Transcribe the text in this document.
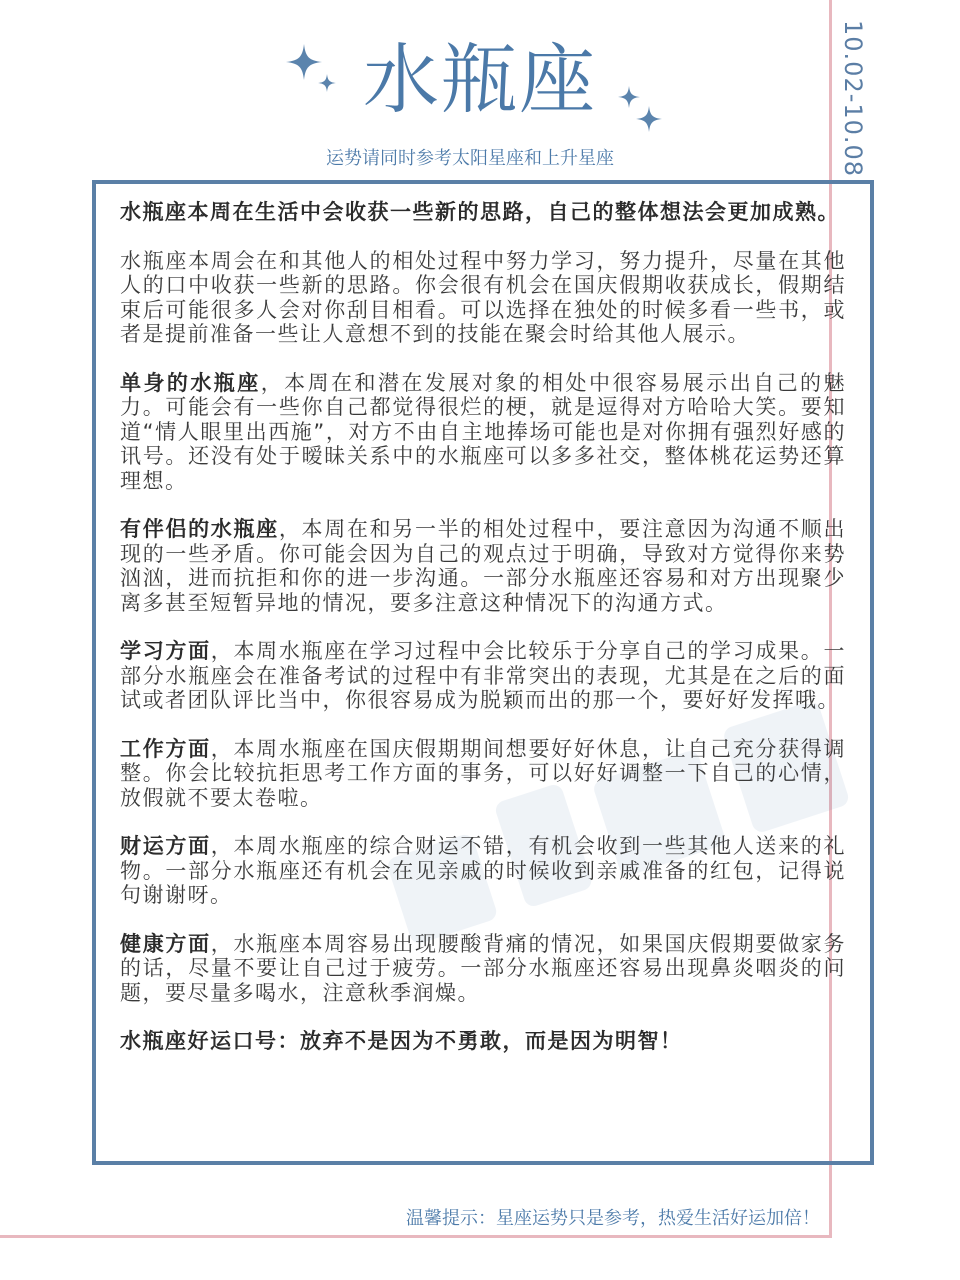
10.02-10.08
水瓶座
运势请同时参考太阳星座和上升星座

水瓶座本周在生活中会收获一些新的思路，自己的整体想法会更加成熟。

水瓶座本周会在和其他人的相处过程中努力学习，努力提升，尽量在其他人的口中收获一些新的思路。你会很有机会在国庆假期收获成长，假期结束后可能很多人会对你刮目相看。可以选择在独处的时候多看一些书，或者是提前准备一些让人意想不到的技能在聚会时给其他人展示。

单身的水瓶座，本周在和潜在发展对象的相处中很容易展示出自己的魅力。可能会有一些你自己都觉得很烂的梗，就是逗得对方哈哈大笑。要知道“情人眼里出西施”，对方不由自主地捧场可能也是对你拥有强烈好感的讯号。还没有处于暧昧关系中的水瓶座可以多多社交，整体桃花运势还算理想。

有伴侣的水瓶座，本周在和另一半的相处过程中，要注意因为沟通不顺出现的一些矛盾。你可能会因为自己的观点过于明确，导致对方觉得你来势汹汹，进而抗拒和你的进一步沟通。一部分水瓶座还容易和对方出现聚少离多甚至短暂异地的情况，要多注意这种情况下的沟通方式。

学习方面，本周水瓶座在学习过程中会比较乐于分享自己的学习成果。一部分水瓶座会在准备考试的过程中有非常突出的表现，尤其是在之后的面试或者团队评比当中，你很容易成为脱颖而出的那一个，要好好发挥哦。

工作方面，本周水瓶座在国庆假期期间想要好好休息，让自己充分获得调整。你会比较抗拒思考工作方面的事务，可以好好调整一下自己的心情，放假就不要太卷啦。

财运方面，本周水瓶座的综合财运不错，有机会收到一些其他人送来的礼物。一部分水瓶座还有机会在见亲戚的时候收到亲戚准备的红包，记得说句谢谢呀。

健康方面，水瓶座本周容易出现腰酸背痛的情况，如果国庆假期要做家务的话，尽量不要让自己过于疲劳。一部分水瓶座还容易出现鼻炎咽炎的问题，要尽量多喝水，注意秋季润燥。

水瓶座好运口号：放弃不是因为不勇敢，而是因为明智！

温馨提示：星座运势只是参考，热爱生活好运加倍！
